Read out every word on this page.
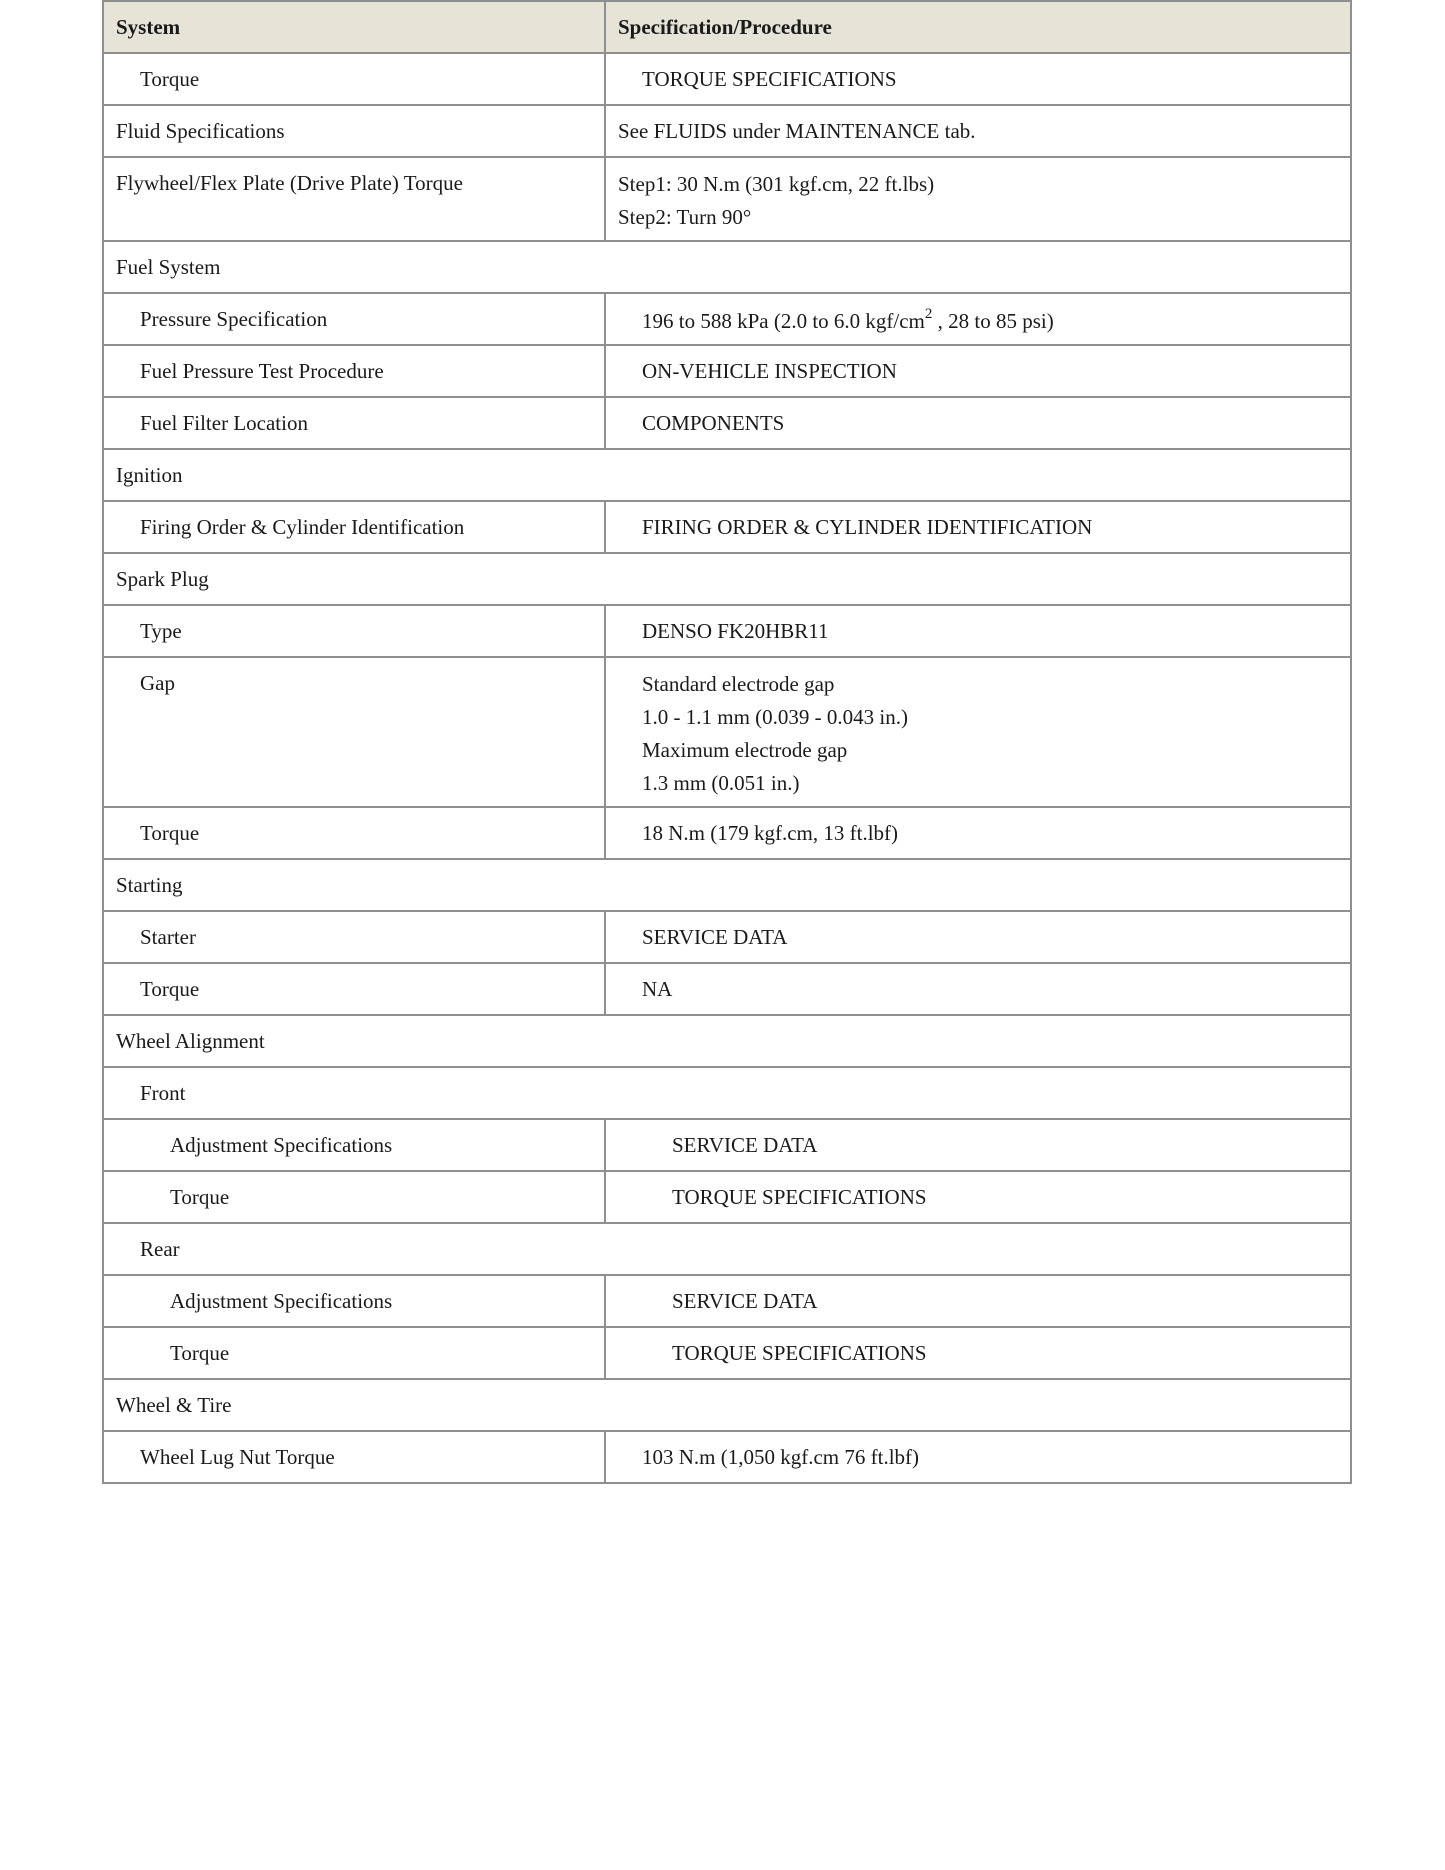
System	Specification/Procedure
Torque	TORQUE SPECIFICATIONS
Fluid Specifications	See FLUIDS under MAINTENANCE tab.
Flywheel/Flex Plate (Drive Plate) Torque	Step1: 30 N.m (301 kgf.cm, 22 ft.lbs)
Step2: Turn 90°

Fuel System	
Pressure Specification	196 to 588 kPa (2.0 to 6.0 kgf/$cm^2$ , 28 to 85 psi)
Fuel Pressure Test Procedure	ON-VEHICLE INSPECTION
Fuel Filter Location	COMPONENTS
Ignition	
Firing Order & Cylinder Identification	FIRING ORDER & CYLINDER IDENTIFICATION
Spark Plug	
Type	DENSO FK20HBR11
Gap	Standard electrode gap
1.0 - 1.1 mm (0.039 - 0.043 in.)
Maximum electrode gap
1.3 mm (0.051 in.)

Torque	18 N.m (179 kgf.cm, 13 ft.lbf)
Starting	
Starter	SERVICE DATA
Torque	NA
Wheel Alignment	
Front	
Adjustment Specifications	SERVICE DATA
Torque	TORQUE SPECIFICATIONS
Rear	
Adjustment Specifications	SERVICE DATA
Torque	TORQUE SPECIFICATIONS
Wheel & Tire	
Wheel Lug Nut Torque	103 N.m (1,050 kgf.cm 76 ft.lbf)
